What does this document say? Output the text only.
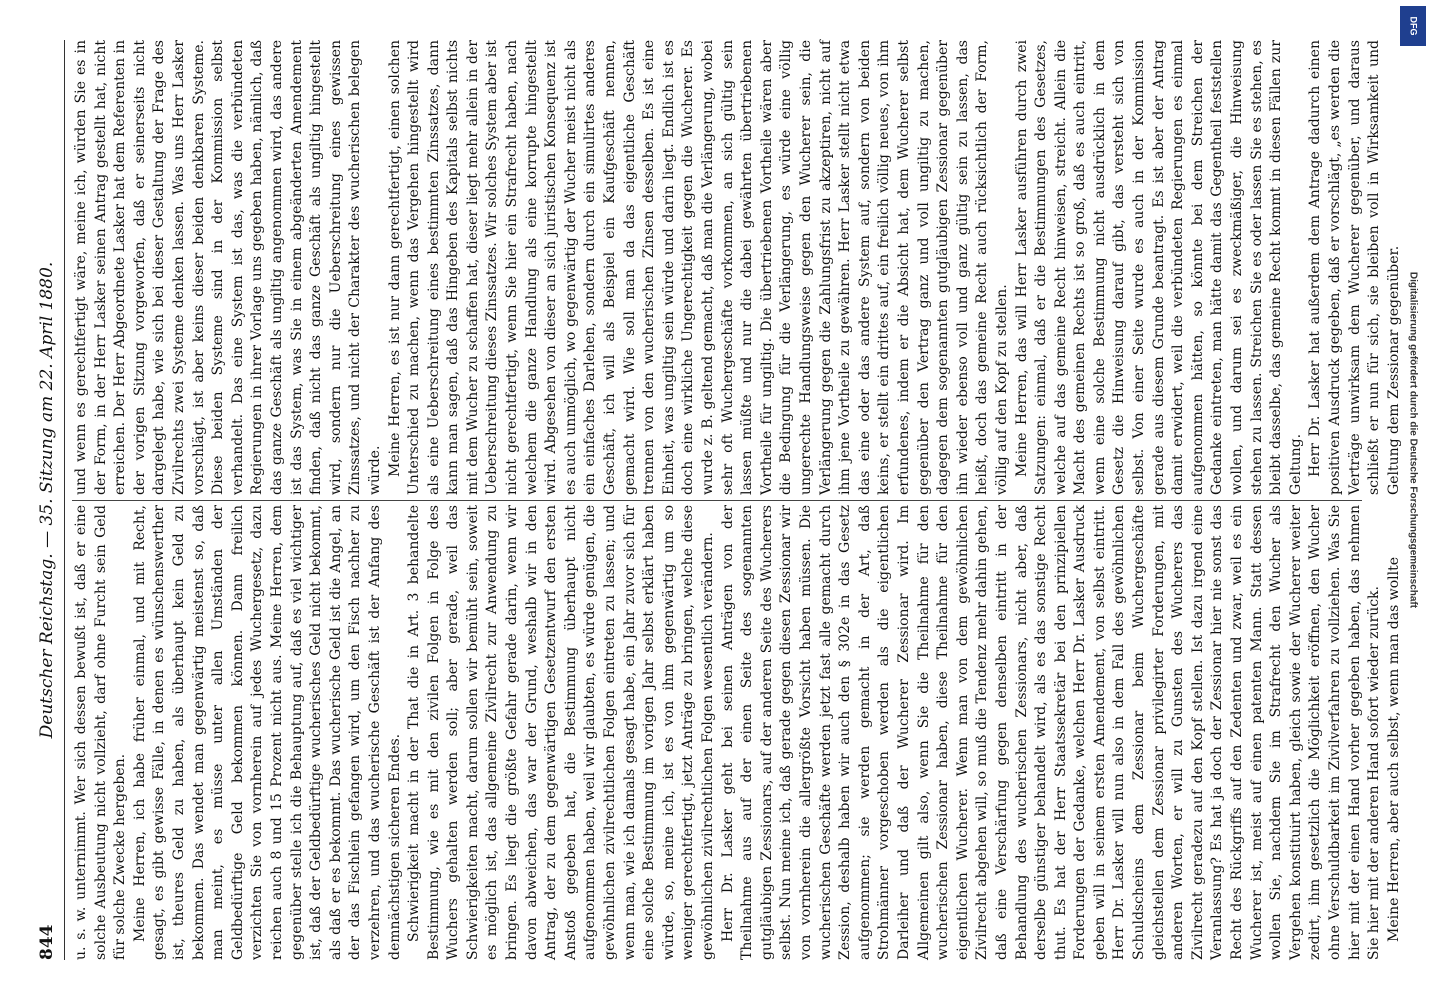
844
Deutscher Reichstag. — 35. Sitzung am 22. April 1880. u. s. w. unternimmt. Wer sich dessen bewußt ist, daß er eine solche Ausbeutung nicht vollzieht, darf ohne Furcht sein Geld für solche Zwecke hergeben. Meine Herren, ich habe früher einmal, und mit Recht, gesagt, es gibt gewisse Fälle, in denen es wünschenswerther ist, theures Geld zu haben, als überhaupt kein Geld zu bekommen. Das wendet man gegenwärtig meistenst so, daß man meint, es müsse unter allen Umständen der Geldbedürftige Geld bekommen können. Dann freilich verzichten Sie von vornherein auf jedes Wuchergesetz, dazu reichen auch 8 und 15 Prozent nicht aus. Meine Herren, dem gegenüber stelle ich die Behauptung auf, daß es viel wichtiger ist, daß der Geldbedürftige wucherisches Geld nicht bekommt, als daß er es bekommt. Das wucherische Geld ist die Angel, an der das Fischlein gefangen wird, um den Fisch nachher zu verzehren, und das wucherische Geschäft ist der Anfang des demnächstigen sicheren Endes. Schwierigkeit macht in der That die in Art. 3 behandelte Bestimmung, wie es mit den zivilen Folgen in Folge des Wuchers gehalten werden soll; aber gerade, weil das Schwierigkeiten macht, darum sollen wir bemüht sein, soweit es möglich ist, das allgemeine Zivilrecht zur Anwendung zu bringen. Es liegt die größte Gefahr gerade darin, wenn wir davon abweichen, das war der Grund, weshalb wir in den Antrag, der zu dem gegenwärtigen Gesetzentwurf den ersten Anstoß gegeben hat, die Bestimmung überhaupt nicht aufgenommen haben, weil wir glaubten, es würde genügen, die gewöhnlichen zivilrechtlichen Folgen eintreten zu lassen; und wenn man, wie ich damals gesagt habe, ein Jahr zuvor sich für eine solche Bestimmung im vorigen Jahr selbst erklärt haben würde, so, meine ich, ist es von ihm gegenwärtig um so weniger gerechtfertigt, jetzt Anträge zu bringen, welche diese gewöhnlichen zivilrechtlichen Folgen wesentlich verändern. Herr Dr. Lasker geht bei seinen Anträgen von der Theilnahme aus auf der einen Seite des sogenannten gutgläubigen Zessionars, auf der anderen Seite des Wucherers selbst. Nun meine ich, daß gerade gegen diesen Zessionar wir von vornherein die allergrößte Vorsicht haben müssen. Die wucherischen Geschäfte werden jetzt fast alle gemacht durch Zession, deshalb haben wir auch den § 302e in das Gesetz aufgenommen; sie werden gemacht in der Art, daß Strohmänner vorgeschoben werden als die eigentlichen Darleiher und daß der Wucherer Zessionar wird. Im Allgemeinen gilt also, wenn Sie die Theilnahme für den wucherischen Zessionar haben, diese Theilnahme für den eigentlichen Wucherer. Wenn man von dem gewöhnlichen Zivilrecht abgehen will, so muß die Tendenz mehr dahin gehen, daß eine Verschärfung gegen denselben eintritt in der Behandlung des wucherischen Zessionars, nicht aber, daß derselbe günstiger behandelt wird, als es das sonstige Recht thut. Es hat der Herr Staatssekretär bei den prinzipiellen Forderungen der Gedanke, welchen Herr Dr. Lasker Ausdruck geben will in seinem ersten Amendement, von selbst eintritt. Herr Dr. Lasker will nun also in dem Fall des gewöhnlichen Schuldscheins dem Zessionar beim Wuchergeschäfte gleichstellen dem Zessionar privilegirter Forderungen, mit anderen Worten, er will zu Gunsten des Wucherers das Zivilrecht geradezu auf den Kopf stellen. Ist dazu irgend eine Veranlassung? Es hat ja doch der Zessionar hier nie sonst das Recht des Rückgriffs auf den Zedenten und zwar, weil es ein Wucherer ist, meist auf einen patenten Mann. Statt dessen wollen Sie, nachdem Sie im Strafrecht den Wucher als Vergehen konstituirt haben, gleich sowie der Wucherer weiter zedirt, ihm gesetzlich die Möglichkeit eröffnen, den Wucher ohne Verschuldbarkeit im Zivilverfahren zu vollziehen. Was Sie hier mit der einen Hand vorher gegeben haben, das nehmen Sie hier mit der anderen Hand sofort wieder zurück. Meine Herren, aber auch selbst, wenn man das wollte

und wenn es gerechtfertigt wäre, meine ich, würden Sie es in der Form, in der Herr Lasker seinen Antrag gestellt hat, nicht erreichen. Der Herr Abgeordnete Lasker hat dem Referenten in der vorigen Sitzung vorgeworfen, daß er seinerseits nicht dargelegt habe, wie sich bei dieser Gestaltung der Frage des Zivilrechts zwei Systeme denken lassen. Was uns Herr Lasker vorschlägt, ist aber keins dieser beiden denkbaren Systeme. Diese beiden Systeme sind in der Kommission selbst verhandelt. Das eine System ist das, was die verbündeten Regierungen in ihrer Vorlage uns gegeben haben, nämlich, daß das ganze Geschäft als ungiltig angenommen wird, das andere ist das System, was Sie in einem abgeänderten Amendement finden, daß nicht das ganze Geschäft als ungiltig hingestellt wird, sondern nur die Ueberschreitung eines gewissen Zinssatzes, und nicht der Charakter des wucherischen belegen würde. Meine Herren, es ist nur dann gerechtfertigt, einen solchen Unterschied zu machen, wenn das Vergehen hingestellt wird als eine Ueberschreitung eines bestimmten Zinssatzes, dann kann man sagen, daß das Hingeben des Kapitals selbst nichts mit dem Wucher zu schaffen hat, dieser liegt mehr allein in der Ueberschreitung dieses Zinssatzes. Wir solches System aber ist nicht gerechtfertigt, wenn Sie hier ein Strafrecht haben, nach welchem die ganze Handlung als eine korrupte hingestellt wird. Abgesehen von dieser an sich juristischen Konsequenz ist es auch unmöglich, wo gegenwärtig der Wucher meist nicht als ein einfaches Darlehen, sondern durch ein simulirtes anderes Geschäft, ich will als Beispiel ein Kaufgeschäft nennen, gemacht wird. Wie soll man da das eigentliche Geschäft trennen von den wucherischen Zinsen desselben. Es ist eine Einheit, was ungiltig sein würde und darin liegt. Endlich ist es doch eine wirkliche Ungerechtigkeit gegen die Wucherer. Es wurde z. B. geltend gemacht, daß man die Verlängerung, wobei sehr oft Wuchergeschäfte vorkommen, an sich gültig sein lassen müßte und nur die dabei gewährten übertriebenen Vortheile für ungiltig. Die übertriebenen Vortheile wären aber die Bedingung für die Verlängerung, es würde eine völlig ungerechte Handlungsweise gegen den Wucherer sein, die Verlängerung gegen die Zahlungsfrist zu akzeptiren, nicht auf ihm jene Vortheile zu gewähren. Herr Lasker stellt nicht etwa das eine oder das andere System auf, sondern von beiden keins, er stellt ein drittes auf, ein freilich völlig neues, von ihm erfundenes, indem er die Absicht hat, dem Wucherer selbst gegenüber den Vertrag ganz und voll ungiltig zu machen, dagegen dem sogenannten gutgläubigen Zessionar gegenüber ihn wieder ebenso voll und ganz gültig sein zu lassen, das heißt, doch das gemeine Recht auch rücksichtlich der Form, völlig auf den Kopf zu stellen. Meine Herren, das will Herr Lasker ausführen durch zwei Satzungen: einmal, daß er die Bestimmungen des Gesetzes, welche auf das gemeine Recht hinweisen, streicht. Allein die Macht des gemeinen Rechts ist so groß, daß es auch eintritt, wenn eine solche Bestimmung nicht ausdrücklich in dem Gesetz die Hinweisung darauf gibt, das versteht sich von selbst. Von einer Seite wurde es auch in der Kommission gerade aus diesem Grunde beantragt. Es ist aber der Antrag damit erwidert, weil die verbündeten Regierungen es einmal aufgenommen hätten, so könnte bei dem Streichen der Gedanke eintreten, man hätte damit das Gegentheil feststellen wollen, und darum sei es zweckmäßiger, die Hinweisung stehen zu lassen. Streichen Sie es oder lassen Sie es stehen, es bleibt dasselbe, das gemeine Recht kommt in diesen Fällen zur Geltung. Herr Dr. Lasker hat außerdem dem Antrage dadurch einen positiven Ausdruck gegeben, daß er vorschlägt, „es werden die Verträge unwirksam dem Wucherer gegenüber, und daraus schließt er nun für sich, sie bleiben voll in Wirksamkeit und Geltung dem Zessionar gegenüber. Digitalisierung gefördert durch die Deutsche Forschungsgemeinschaft
DFG
